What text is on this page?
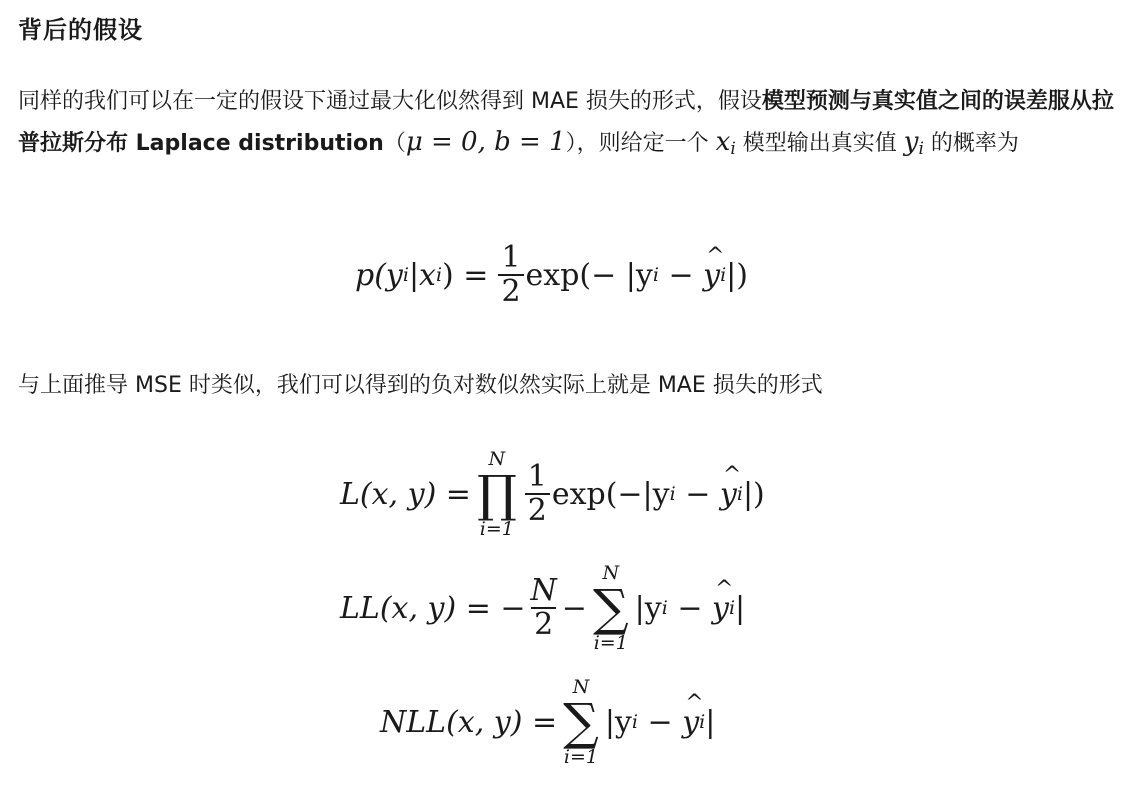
背后的假设
同样的我们可以在一定的假设下通过最大化似然得到 MAE 损失的形式，假设模型预测与真实值之间的误差服从拉普拉斯分布 Laplace distribution（μ = 0, b = 1），则给定一个 $x_i$ 模型输出真实值 $y_i$ 的概率为
p(y i |x i ) = $\frac{1}{2} \exp(- |y$ i − ^ y i |)
与上面推导 MSE 时类似，我们可以得到的负对数似然实际上就是 MAE 损失的形式
L(x, y) =
N
∏
i=1
$\frac{1}{2} \exp(-|y$ i − ^ y i |)
LL(x, y) = − $\frac{N}{2}$ −
N
∑
i=1
|y i − ^ y i |
NLL(x, y) =
N
∑
i=1
|y i − ^ y i |
